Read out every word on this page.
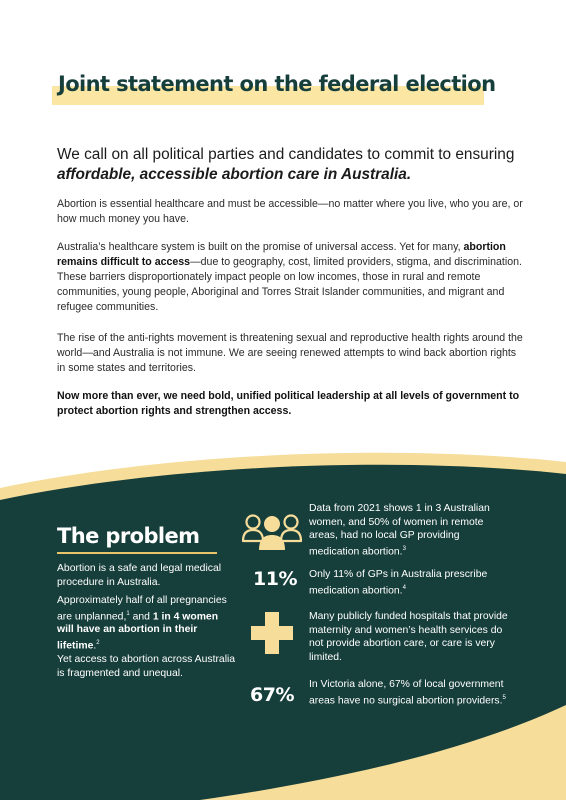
Joint statement on the federal election

We call on all political parties and candidates to commit to ensuring affordable, accessible abortion care in Australia.

Abortion is essential healthcare and must be accessible—no matter where you live, who you are, or how much money you have.

Australia’s healthcare system is built on the promise of universal access. Yet for many, abortion remains difficult to access—due to geography, cost, limited providers, stigma, and discrimination. These barriers disproportionately impact people on low incomes, those in rural and remote communities, young people, Aboriginal and Torres Strait Islander communities, and migrant and refugee communities.

The rise of the anti-rights movement is threatening sexual and reproductive health rights around the world—and Australia is not immune. We are seeing renewed attempts to wind back abortion rights in some states and territories.

Now more than ever, we need bold, unified political leadership at all levels of government to protect abortion rights and strengthen access.

The problem

Abortion is a safe and legal medical procedure in Australia.

Approximately half of all pregnancies are unplanned,$^1$ and 1 in 4 women will have an abortion in their lifetime.$^2$

Yet access to abortion across Australia is fragmented and unequal.

Data from 2021 shows 1 in 3 Australian women, and 50% of women in remote areas, had no local GP providing medication abortion.$^3$

11% Only 11% of GPs in Australia prescribe medication abortion.$^4$

Many publicly funded hospitals that provide maternity and women’s health services do not provide abortion care, or care is very limited.

67% In Victoria alone, 67% of local government areas have no surgical abortion providers.$^5$
